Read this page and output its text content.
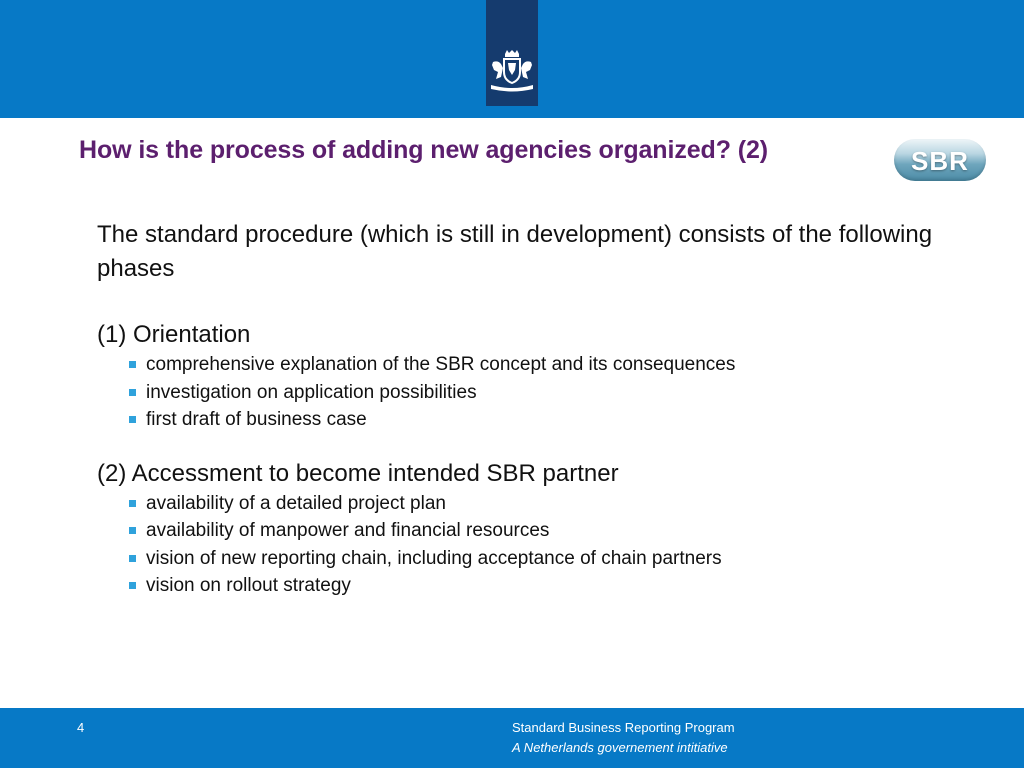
How is the process of adding new agencies organized? (2)	SBR

The standard procedure (which is still in development) consists of the following phases

(1) Orientation

comprehensive explanation of the SBR concept and its consequences
investigation on application possibilities
first draft of business case

(2) Accessment to become intended SBR partner

availability of a detailed project plan
availability of manpower and financial resources
vision of new reporting chain, including acceptance of chain partners
vision on rollout strategy
4	Standard Business Reporting Program
A Netherlands governement intitiative
